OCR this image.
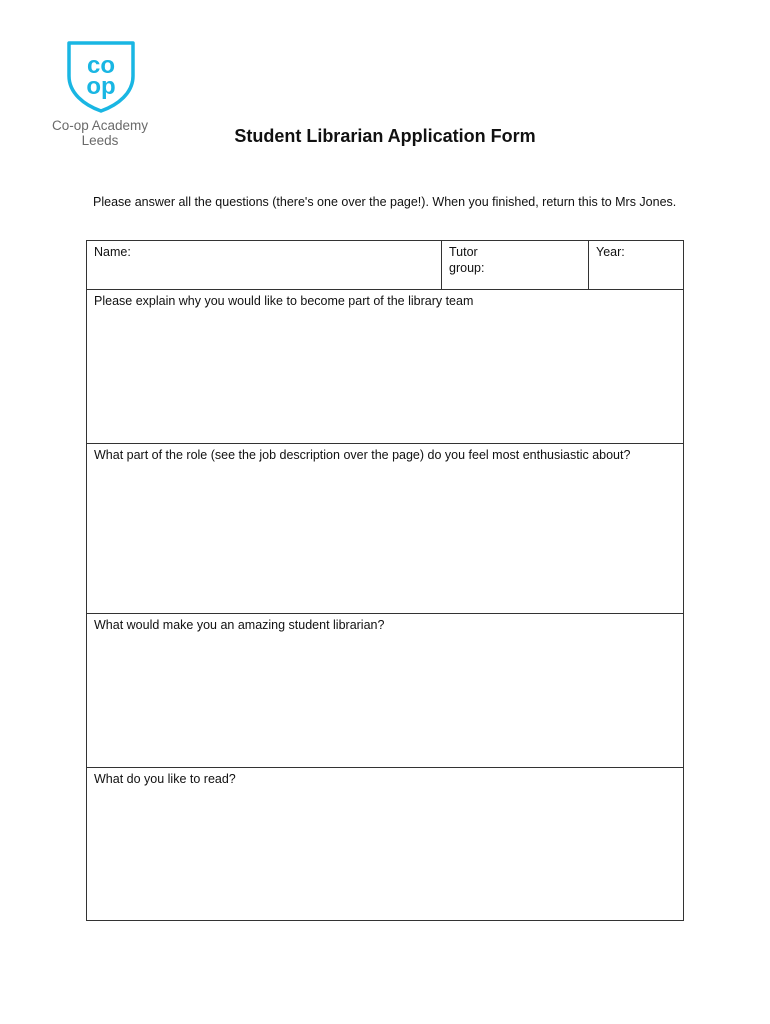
co
op
Co-op Academy
Leeds	Student Librarian Application Form
Please answer all the questions (there's one over the page!). When you finished, return this to Mrs Jones.
Name:	Tutor group:
Year:
Please explain why you would like to become part of the library team
What part of the role (see the job description over the page) do you feel most enthusiastic about?
What would make you an amazing student librarian?
What do you like to read?
